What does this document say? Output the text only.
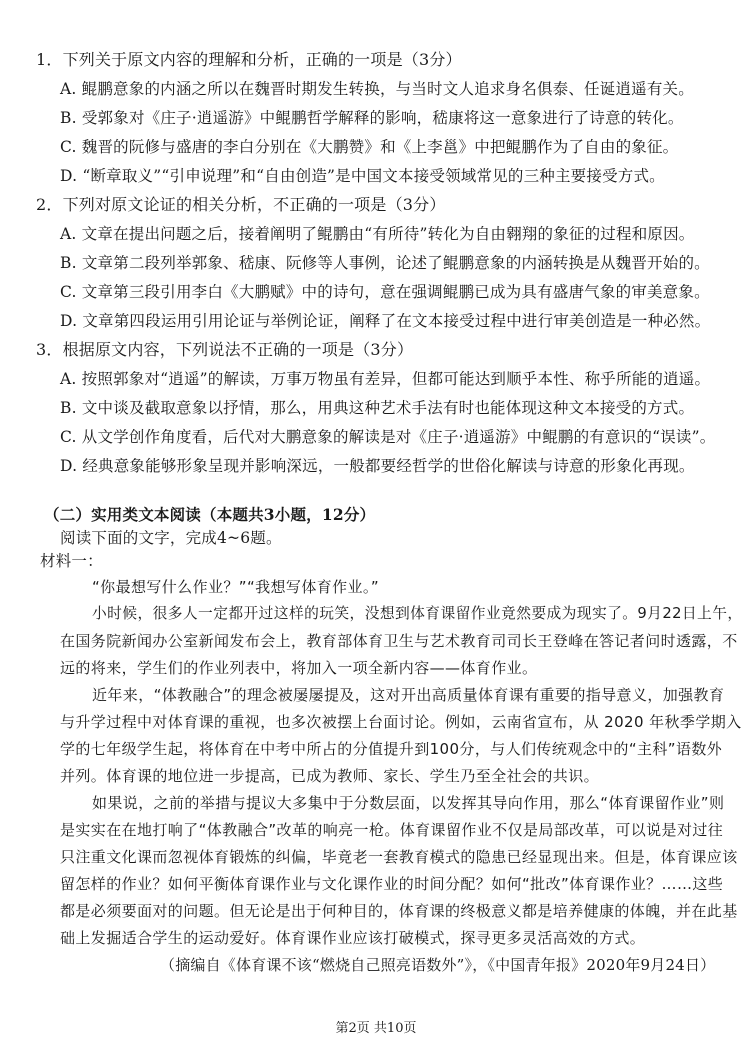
1．下列关于原文内容的理解和分析，正确的一项是（3分）
A. 鲲鹏意象的内涵之所以在魏晋时期发生转换，与当时文人追求身名俱泰、任诞逍遥有关。
B. 受郭象对《庄子·逍遥游》中鲲鹏哲学解释的影响，嵇康将这一意象进行了诗意的转化。
C. 魏晋的阮修与盛唐的李白分别在《大鹏赞》和《上李邕》中把鲲鹏作为了自由的象征。
D. “断章取义”“引申说理”和“自由创造”是中国文本接受领域常见的三种主要接受方式。
2．下列对原文论证的相关分析，不正确的一项是（3分）
A. 文章在提出问题之后，接着阐明了鲲鹏由“有所待”转化为自由翱翔的象征的过程和原因。
B. 文章第二段列举郭象、嵇康、阮修等人事例，论述了鲲鹏意象的内涵转换是从魏晋开始的。
C. 文章第三段引用李白《大鹏赋》中的诗句，意在强调鲲鹏已成为具有盛唐气象的审美意象。
D. 文章第四段运用引用论证与举例论证，阐释了在文本接受过程中进行审美创造是一种必然。
3．根据原文内容，下列说法不正确的一项是（3分）
A. 按照郭象对“逍遥”的解读，万事万物虽有差异，但都可能达到顺乎本性、称乎所能的逍遥。
B. 文中谈及截取意象以抒情，那么，用典这种艺术手法有时也能体现这种文本接受的方式。
C. 从文学创作角度看，后代对大鹏意象的解读是对《庄子·逍遥游》中鲲鹏的有意识的“误读”。
D. 经典意象能够形象呈现并影响深远，一般都要经哲学的世俗化解读与诗意的形象化再现。
（二）实用类文本阅读（本题共3小题，12分）
阅读下面的文字，完成4~6题。
材料一：
“你最想写什么作业？”“我想写体育作业。”
小时候，很多人一定都开过这样的玩笑，没想到体育课留作业竟然要成为现实了。9月22日上午，
在国务院新闻办公室新闻发布会上，教育部体育卫生与艺术教育司司长王登峰在答记者问时透露，不
远的将来，学生们的作业列表中，将加入一项全新内容——体育作业。
近年来，“体教融合”的理念被屡屡提及，这对开出高质量体育课有重要的指导意义，加强教育
与升学过程中对体育课的重视，也多次被摆上台面讨论。例如，云南省宣布，从 2020 年秋季学期入
学的七年级学生起，将体育在中考中所占的分值提升到100分，与人们传统观念中的“主科”语数外
并列。体育课的地位进一步提高，已成为教师、家长、学生乃至全社会的共识。
如果说，之前的举措与提议大多集中于分数层面，以发挥其导向作用，那么“体育课留作业”则
是实实在在地打响了“体教融合”改革的响亮一枪。体育课留作业不仅是局部改革，可以说是对过往
只注重文化课而忽视体育锻炼的纠偏，毕竟老一套教育模式的隐患已经显现出来。但是，体育课应该
留怎样的作业？如何平衡体育课作业与文化课作业的时间分配？如何“批改”体育课作业？……这些
都是必须要面对的问题。但无论是出于何种目的，体育课的终极意义都是培养健康的体魄，并在此基
础上发掘适合学生的运动爱好。体育课作业应该打破模式，探寻更多灵活高效的方式。
（摘编自《体育课不该“燃烧自己照亮语数外”》，《中国青年报》2020年9月24日）
第2页 共10页
